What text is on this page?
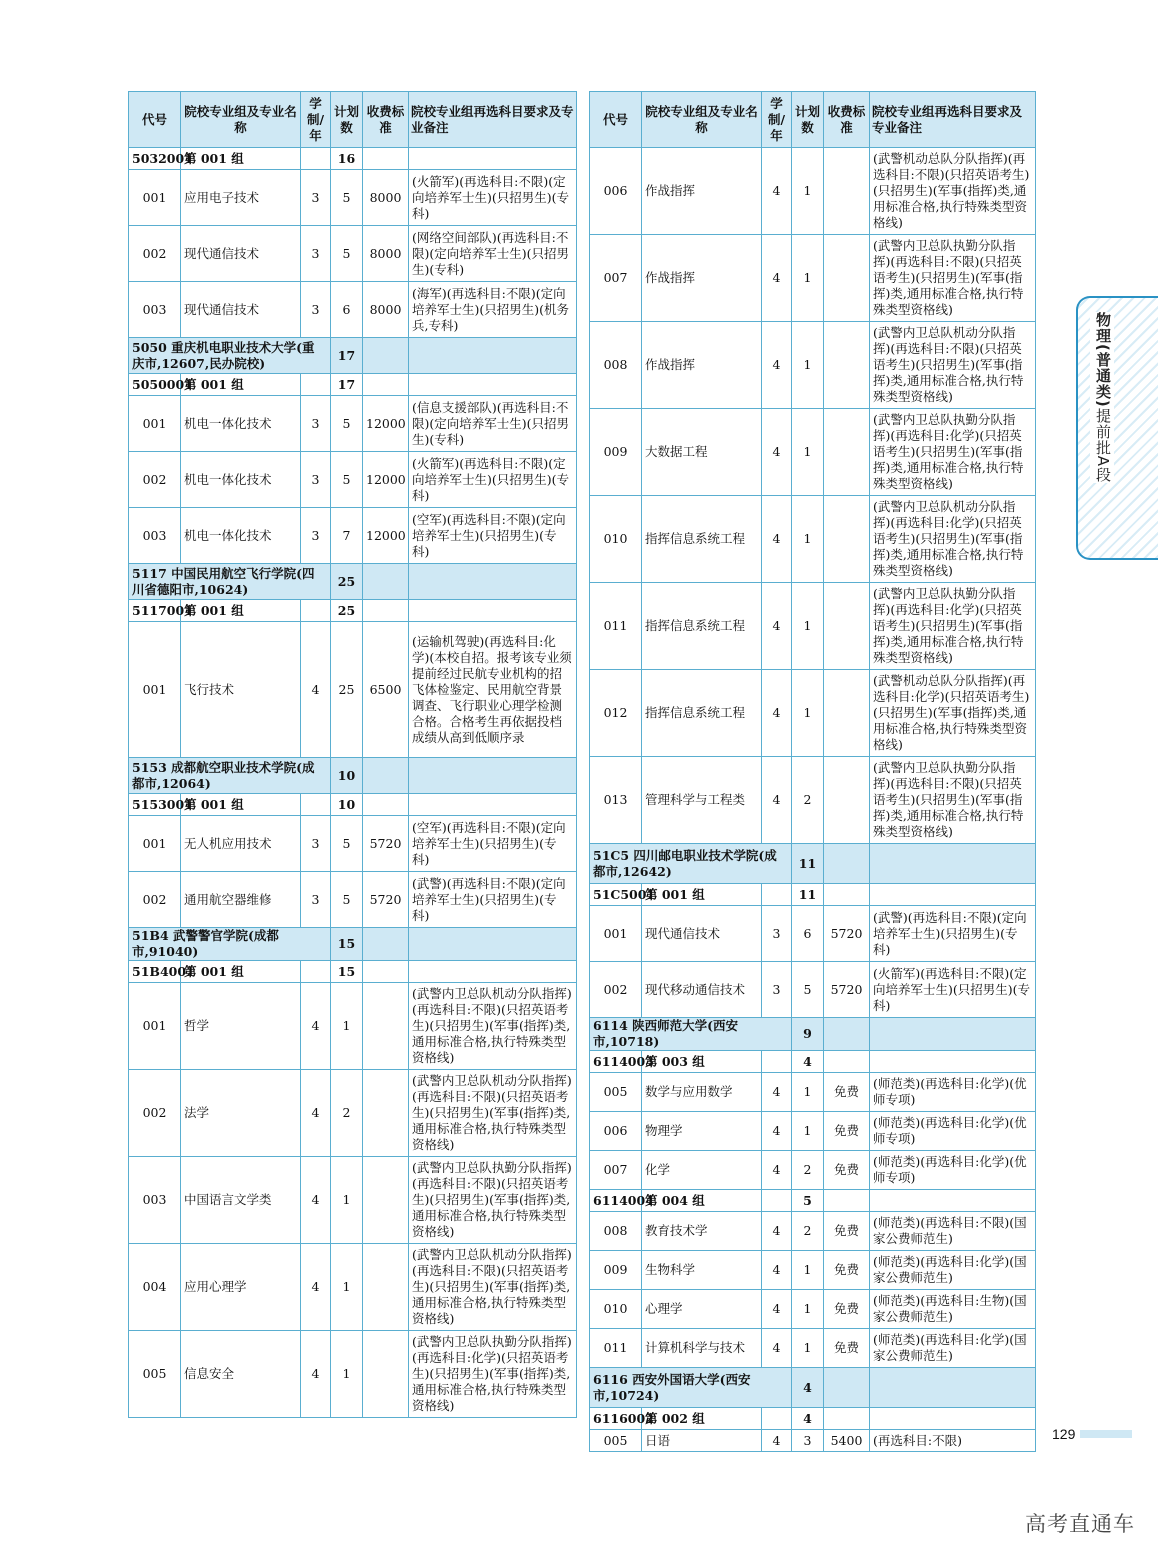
代号	院校专业组及专业名称	学制/年	计划数	收费标准	院校专业组再选科目要求及专业备注
5032001	第 001 组		16		
001	应用电子技术	3	5	8000	(火箭军)(再选科目:不限)(定向培养军士生)(只招男生)(专科)
002	现代通信技术	3	5	8000	(网络空间部队)(再选科目:不限)(定向培养军士生)(只招男生)(专科)
003	现代通信技术	3	6	8000	(海军)(再选科目:不限)(定向培养军士生)(只招男生)(机务兵,专科)
5050 重庆机电职业技术大学(重庆市,12607,民办院校)			17		
5050001	第 001 组		17		
001	机电一体化技术	3	5	12000	(信息支援部队)(再选科目:不限)(定向培养军士生)(只招男生)(专科)
002	机电一体化技术	3	5	12000	(火箭军)(再选科目:不限)(定向培养军士生)(只招男生)(专科)
003	机电一体化技术	3	7	12000	(空军)(再选科目:不限)(定向培养军士生)(只招男生)(专科)
5117 中国民用航空飞行学院(四川省德阳市,10624)			25		
5117001	第 001 组		25		
001	飞行技术	4	25	6500	(运输机驾驶)(再选科目:化学)(本校自招。报考该专业须提前经过民航专业机构的招飞体检鉴定、民用航空背景调查、飞行职业心理学检测合格。合格考生再依据投档成绩从高到低顺序录
5153 成都航空职业技术学院(成都市,12064)			10		
5153001	第 001 组		10		
001	无人机应用技术	3	5	5720	(空军)(再选科目:不限)(定向培养军士生)(只招男生)(专科)
002	通用航空器维修	3	5	5720	(武警)(再选科目:不限)(定向培养军士生)(只招男生)(专科)
51B4 武警警官学院(成都市,91040)			15		
51B4001	第 001 组		15		
001	哲学	4	1		(武警内卫总队机动分队指挥)(再选科目:不限)(只招英语考生)(只招男生)(军事(指挥)类,通用标准合格,执行特殊类型资格线)
002	法学	4	2		(武警内卫总队机动分队指挥)(再选科目:不限)(只招英语考生)(只招男生)(军事(指挥)类,通用标准合格,执行特殊类型资格线)
003	中国语言文学类	4	1		(武警内卫总队执勤分队指挥)(再选科目:不限)(只招英语考生)(只招男生)(军事(指挥)类,通用标准合格,执行特殊类型资格线)
004	应用心理学	4	1		(武警内卫总队机动分队指挥)(再选科目:不限)(只招英语考生)(只招男生)(军事(指挥)类,通用标准合格,执行特殊类型资格线)
005	信息安全	4	1		(武警内卫总队执勤分队指挥)(再选科目:化学)(只招英语考生)(只招男生)(军事(指挥)类,通用标准合格,执行特殊类型资格线)
代号	院校专业组及专业名称	学制/年	计划数	收费标准	院校专业组再选科目要求及专业备注
006	作战指挥	4	1		(武警机动总队分队指挥)(再选科目:不限)(只招英语考生)(只招男生)(军事(指挥)类,通用标准合格,执行特殊类型资格线)
007	作战指挥	4	1		(武警内卫总队执勤分队指挥)(再选科目:不限)(只招英语考生)(只招男生)(军事(指挥)类,通用标准合格,执行特殊类型资格线)
008	作战指挥	4	1		(武警内卫总队机动分队指挥)(再选科目:不限)(只招英语考生)(只招男生)(军事(指挥)类,通用标准合格,执行特殊类型资格线)
009	大数据工程	4	1		(武警内卫总队执勤分队指挥)(再选科目:化学)(只招英语考生)(只招男生)(军事(指挥)类,通用标准合格,执行特殊类型资格线)
010	指挥信息系统工程	4	1		(武警内卫总队机动分队指挥)(再选科目:化学)(只招英语考生)(只招男生)(军事(指挥)类,通用标准合格,执行特殊类型资格线)
011	指挥信息系统工程	4	1		(武警内卫总队执勤分队指挥)(再选科目:化学)(只招英语考生)(只招男生)(军事(指挥)类,通用标准合格,执行特殊类型资格线)
012	指挥信息系统工程	4	1		(武警机动总队分队指挥)(再选科目:化学)(只招英语考生)(只招男生)(军事(指挥)类,通用标准合格,执行特殊类型资格线)
013	管理科学与工程类	4	2		(武警内卫总队执勤分队指挥)(再选科目:不限)(只招英语考生)(只招男生)(军事(指挥)类,通用标准合格,执行特殊类型资格线)
51C5 四川邮电职业技术学院(成都市,12642)			11		
51C5001	第 001 组		11		
001	现代通信技术	3	6	5720	(武警)(再选科目:不限)(定向培养军士生)(只招男生)(专科)
002	现代移动通信技术	3	5	5720	(火箭军)(再选科目:不限)(定向培养军士生)(只招男生)(专科)
6114 陕西师范大学(西安市,10718)			9		
6114003	第 003 组		4		
005	数学与应用数学	4	1	免费	(师范类)(再选科目:化学)(优师专项)
006	物理学	4	1	免费	(师范类)(再选科目:化学)(优师专项)
007	化学	4	2	免费	(师范类)(再选科目:化学)(优师专项)
6114004	第 004 组		5		
008	教育技术学	4	2	免费	(师范类)(再选科目:不限)(国家公费师范生)
009	生物科学	4	1	免费	(师范类)(再选科目:化学)(国家公费师范生)
010	心理学	4	1	免费	(师范类)(再选科目:生物)(国家公费师范生)
011	计算机科学与技术	4	1	免费	(师范类)(再选科目:化学)(国家公费师范生)
6116 西安外国语大学(西安市,10724)			4		
6116002	第 002 组		4		
005	日语	4	3	5400	(再选科目:不限)
物理(普通类)提前批A段
129
高考直通车
